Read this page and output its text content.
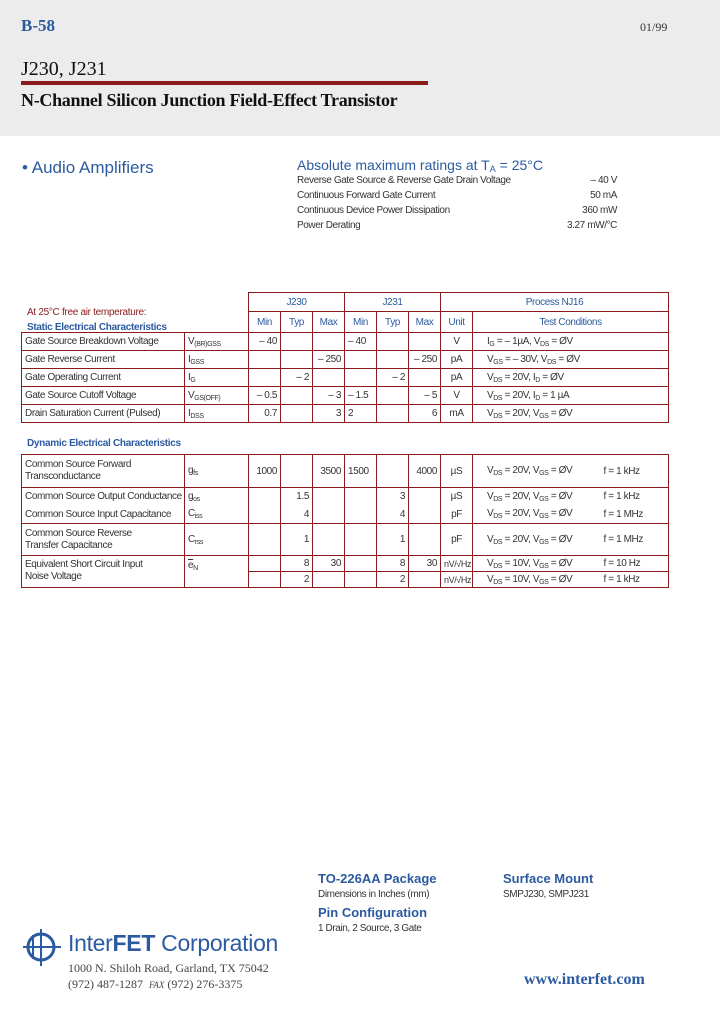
B-58	01/99
J230, J231
N-Channel Silicon Junction Field-Effect Transistor
• Audio Amplifiers	Absolute maximum ratings at $T_A = 25^\circ C$
Reverse Gate Source & Reverse Gate Drain Voltage	– 40 V
Continuous Forward Gate Current	50 mA
Continuous Device Power Dissipation	360 mW
Power Derating	3.27 mW/°C
At 25°C free air temperature:
Static Electrical Characteristics
		J230			J231			Process NJ16	
		Min	Typ	Max	Min	Typ	Max	Unit	Test Conditions
Gate Source Breakdown Voltage	$V_{(BR)GSS}$	– 40			– 40			V	$I_G$ = – 1µA, $V_{DS}$ = ØV
Gate Reverse Current	$I_{GSS}$			– 250			– 250	pA	$V_{GS}$ = – 30V, $V_{DS}$ = ØV
Gate Operating Current	$I_G$		– 2			– 2		pA	$V_{DS} = 20V$, $I_D$ = ØV
Gate Source Cutoff Voltage	$V_{GS(OFF)}$	– 0.5		– 3	– 1.5		– 5	V	$V_{DS} = 20V$, $I_D = 1$ µA
Drain Saturation Current (Pulsed)	$I_{DSS}$	0.7		3	2		6	mA	$V_{DS} = 20V$, $V_{GS}$ = ØV
Dynamic Electrical Characteristics
Common Source Forward
Transconductance	$g_{fs}$	1000		3500	1500		4000	µS	$V_{DS} = 20V$, $V_{GS}$ = ØV	f = 1 kHz
Common Source Output Conductance	$g_{os}$		1.5			3		µS	$V_{DS} = 20V$, $V_{GS}$ = ØV	f = 1 kHz
Common Source Input Capacitance	$C_{iss}$		4			4		pF	$V_{DS} = 20V$, $V_{GS}$ = ØV	f = 1 MHz
Common Source Reverse
Transfer Capacitance	$C_{rss}$		1			1		pF	$V_{DS} = 20V$, $V_{GS}$ = ØV	f = 1 MHz
Equivalent Short Circuit Input
Noise Voltage	$\overline{e}_N$		8	30		8	30	nV/√Hz	$V_{DS} = 10V$, $V_{GS}$ = ØV	f = 10 Hz
			2			2		nV/√Hz	$V_{DS} = 10V$, $V_{GS}$ = ØV	f = 1 kHz
TO-226AA Package
Dimensions in Inches (mm)
Pin Configuration
1 Drain, 2 Source, 3 Gate
Surface Mount
SMPJ230, SMPJ231
InterFET Corporation
1000 N. Shiloh Road, Garland, TX 75042
(972) 487-1287 FAX (972) 276-3375	www.interfet.com
